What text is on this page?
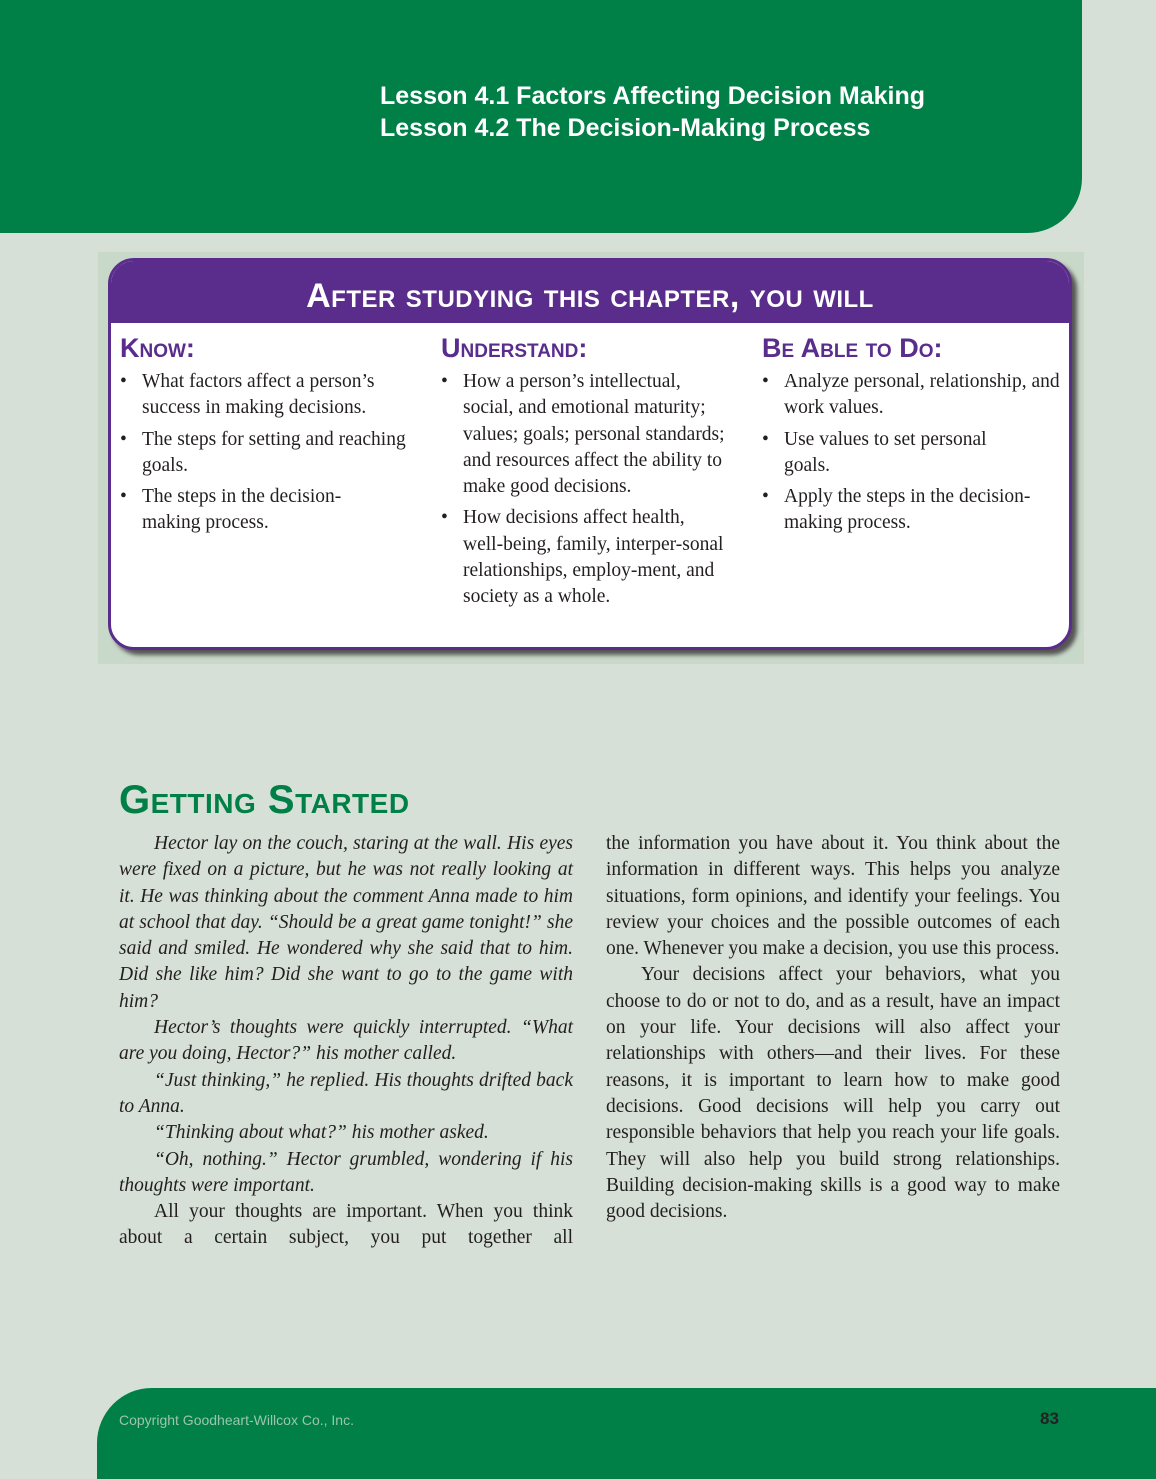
Lesson 4.1 Factors Affecting Decision Making
Lesson 4.2 The Decision-Making Process
After studying this chapter, you will
Know:
• What factors affect a person’s success in making decisions.
• The steps for setting and reaching goals.
• The steps in the decision-making process.
Understand:
• How a person’s intellectual, social, and emotional maturity; values; goals; personal standards; and resources affect the ability to make good decisions.
• How decisions affect health, well-being, family, interper-sonal relationships, employ-ment, and society as a whole.
Be Able to Do:
• Analyze personal, relationship, and work values.
• Use values to set personal goals.
• Apply the steps in the decision-making process.
Getting Started

Hector lay on the couch, staring at the wall. His eyes were fixed on a picture, but he was not really looking at it. He was thinking about the comment Anna made to him at school that day. “Should be a great game tonight!” she said and smiled. He wondered why she said that to him. Did she like him? Did she want to go to the game with him?

Hector’s thoughts were quickly interrupted. “What are you doing, Hector?” his mother called.

“Just thinking,” he replied. His thoughts drifted back to Anna.

“Thinking about what?” his mother asked.

“Oh, nothing.” Hector grumbled, wondering if his thoughts were important.

All your thoughts are important. When you think about a certain subject, you put together all

the information you have about it. You think about the information in different ways. This helps you analyze situations, form opinions, and identify your feelings. You review your choices and the possible outcomes of each one. Whenever you make a decision, you use this process.

Your decisions affect your behaviors, what you choose to do or not to do, and as a result, have an impact on your life. Your decisions will also affect your relationships with others—and their lives. For these reasons, it is important to learn how to make good decisions. Good decisions will help you carry out responsible behaviors that help you reach your life goals. They will also help you build strong relationships. Building decision-making skills is a good way to make good decisions.

Copyright Goodheart-Willcox Co., Inc.	83
